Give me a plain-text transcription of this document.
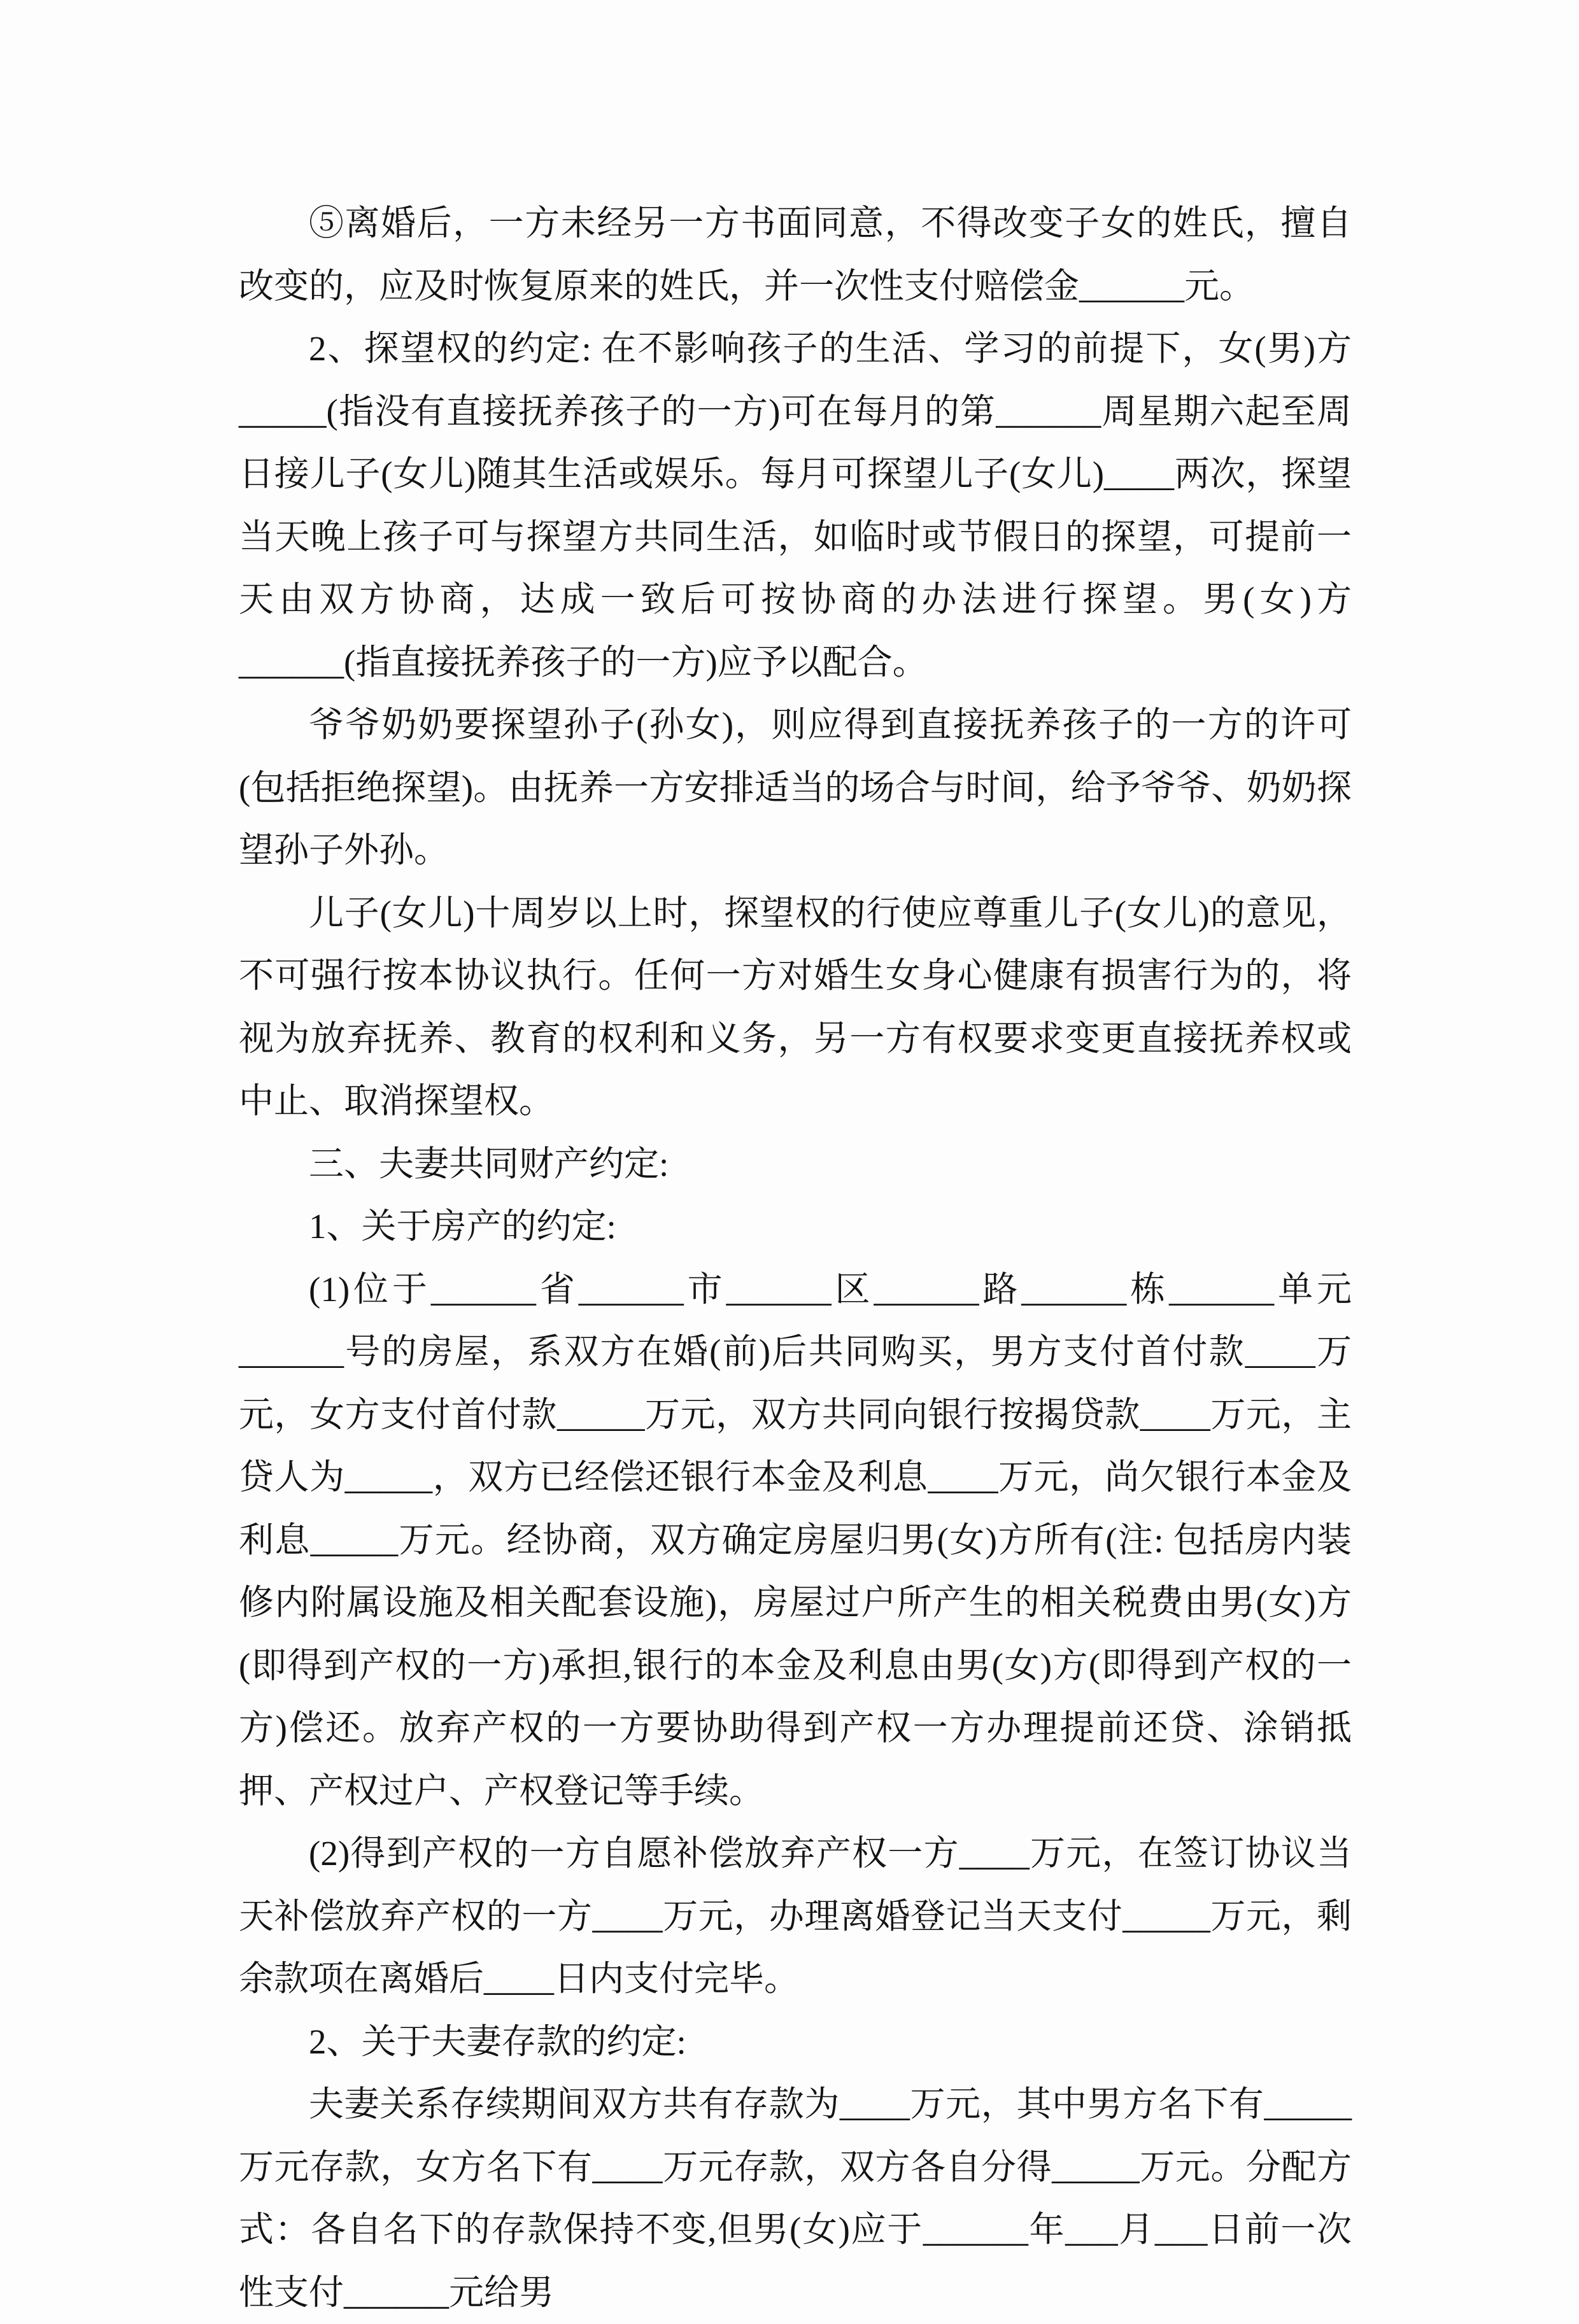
⑤离婚后，一方未经另一方书面同意，不得改变子女的姓氏，擅自改变的，应及时恢复原来的姓氏，并一次性支付赔偿金______元。

2、探望权的约定: 在不影响孩子的生活、学习的前提下，女(男)方_____(指没有直接抚养孩子的一方)可在每月的第______周星期六起至周日接儿子(女儿)随其生活或娱乐。每月可探望儿子(女儿)____两次，探望当天晚上孩子可与探望方共同生活，如临时或节假日的探望，可提前一天由双方协商，达成一致后可按协商的办法进行探望。男(女)方______(指直接抚养孩子的一方)应予以配合。

爷爷奶奶要探望孙子(孙女)，则应得到直接抚养孩子的一方的许可(包括拒绝探望)。由抚养一方安排适当的场合与时间，给予爷爷、奶奶探望孙子外孙。

儿子(女儿)十周岁以上时，探望权的行使应尊重儿子(女儿)的意见，不可强行按本协议执行。任何一方对婚生女身心健康有损害行为的，将视为放弃抚养、教育的权利和义务，另一方有权要求变更直接抚养权或中止、取消探望权。

三、夫妻共同财产约定:

1、关于房产的约定:

(1)位于______省______市______区______路______栋______单元______号的房屋，系双方在婚(前)后共同购买，男方支付首付款____万元，女方支付首付款_____万元，双方共同向银行按揭贷款____万元，主贷人为_____，双方已经偿还银行本金及利息____万元，尚欠银行本金及利息_____万元。经协商，双方确定房屋归男(女)方所有(注: 包括房内装修内附属设施及相关配套设施)，房屋过户所产生的相关税费由男(女)方(即得到产权的一方)承担,银行的本金及利息由男(女)方(即得到产权的一方)偿还。放弃产权的一方要协助得到产权一方办理提前还贷、涂销抵押、产权过户、产权登记等手续。

(2)得到产权的一方自愿补偿放弃产权一方____万元，在签订协议当天补偿放弃产权的一方____万元，办理离婚登记当天支付_____万元，剩余款项在离婚后____日内支付完毕。

2、关于夫妻存款的约定:

夫妻关系存续期间双方共有存款为____万元，其中男方名下有_____万元存款，女方名下有____万元存款，双方各自分得_____万元。分配方式：各自名下的存款保持不变,但男(女)应于______年___月___日前一次性支付______元给男
